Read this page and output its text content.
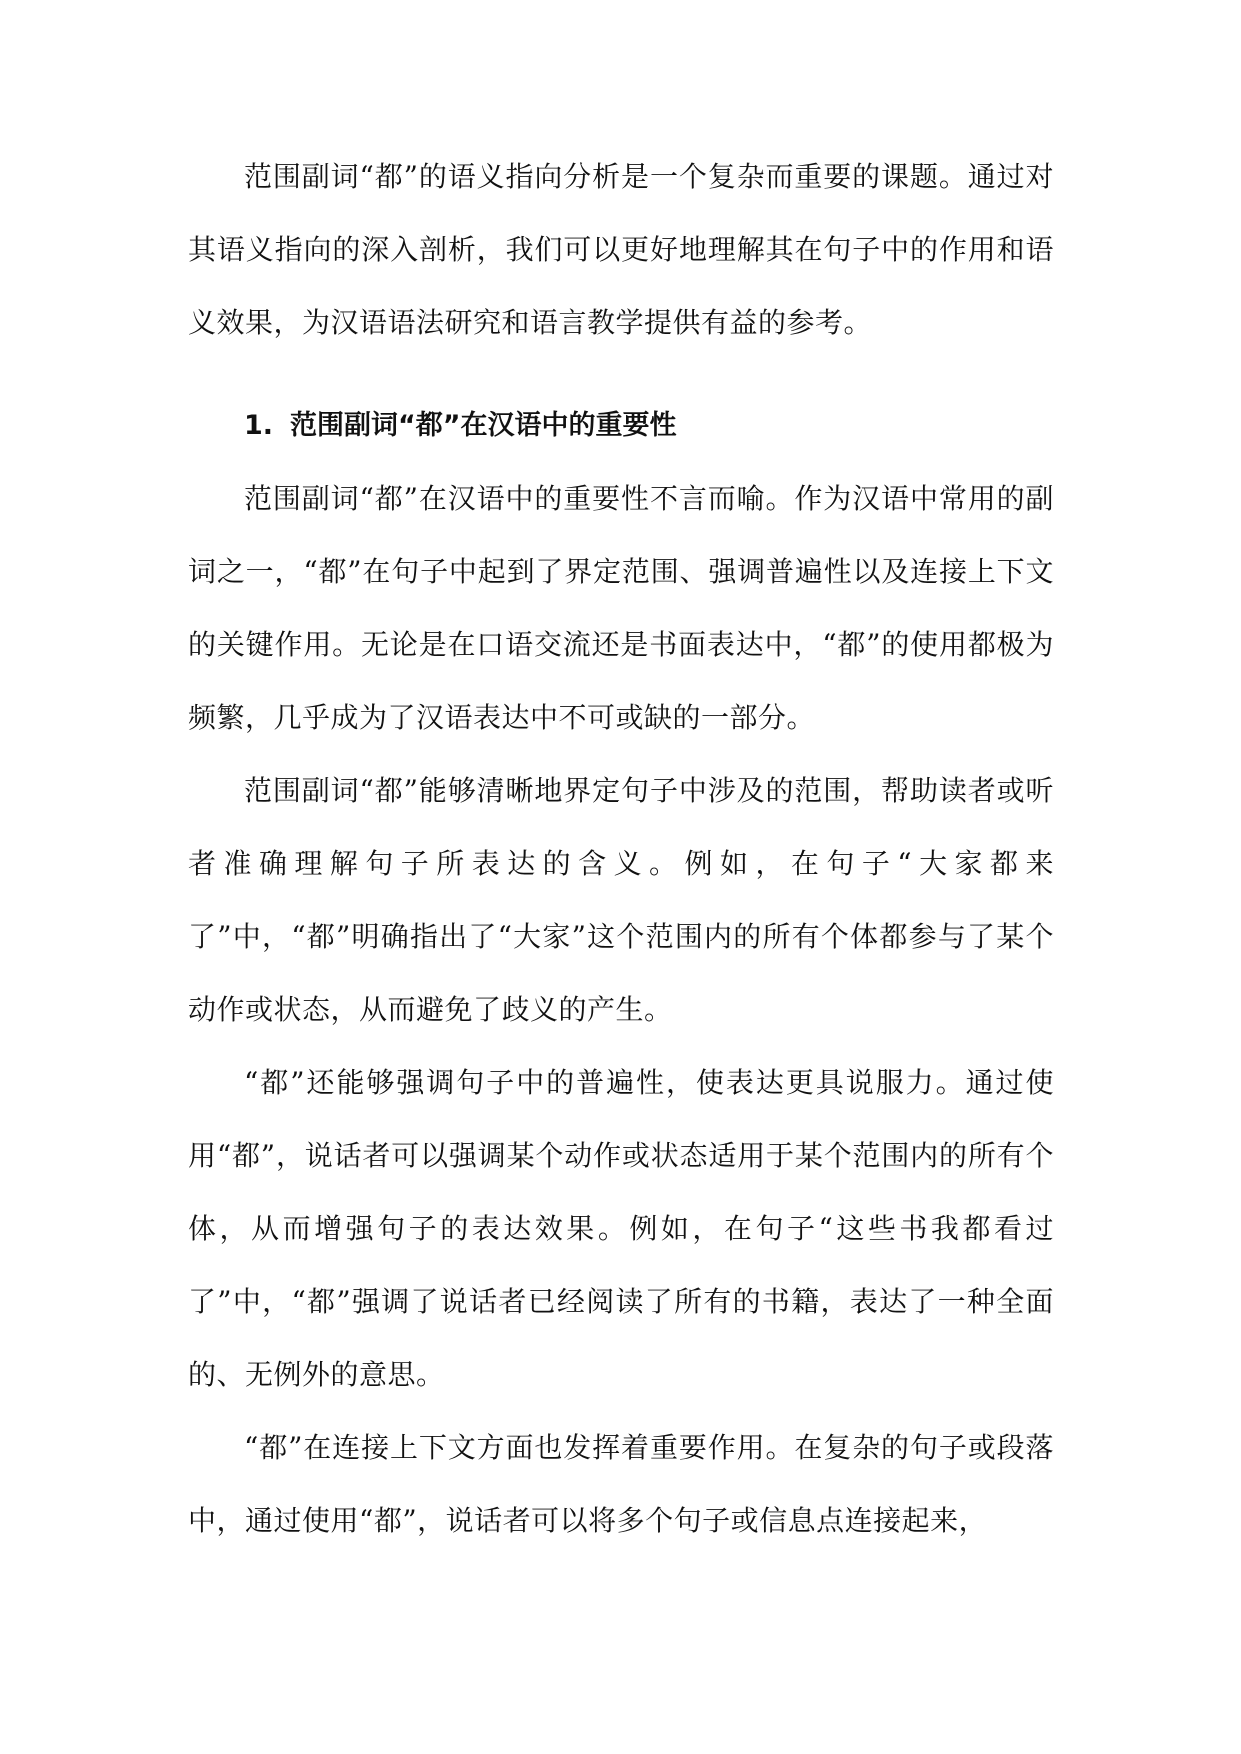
范围副词“都”的语义指向分析是一个复杂而重要的课题。通过对其语义指向的深入剖析，我们可以更好地理解其在句子中的作用和语义效果，为汉语语法研究和语言教学提供有益的参考。

1. 范围副词“都”在汉语中的重要性

范围副词“都”在汉语中的重要性不言而喻。作为汉语中常用的副词之一，“都”在句子中起到了界定范围、强调普遍性以及连接上下文的关键作用。无论是在口语交流还是书面表达中，“都”的使用都极为频繁，几乎成为了汉语表达中不可或缺的一部分。

范围副词“都”能够清晰地界定句子中涉及的范围，帮助读者或听者准确理解句子所表达的含义。例如，在句子“大家都来了”中，“都”明确指出了“大家”这个范围内的所有个体都参与了某个动作或状态，从而避免了歧义的产生。

“都”还能够强调句子中的普遍性，使表达更具说服力。通过使用“都”，说话者可以强调某个动作或状态适用于某个范围内的所有个体，从而增强句子的表达效果。例如，在句子“这些书我都看过了”中，“都”强调了说话者已经阅读了所有的书籍，表达了一种全面的、无例外的意思。

“都”在连接上下文方面也发挥着重要作用。在复杂的句子或段落中，通过使用“都”，说话者可以将多个句子或信息点连接起来，
